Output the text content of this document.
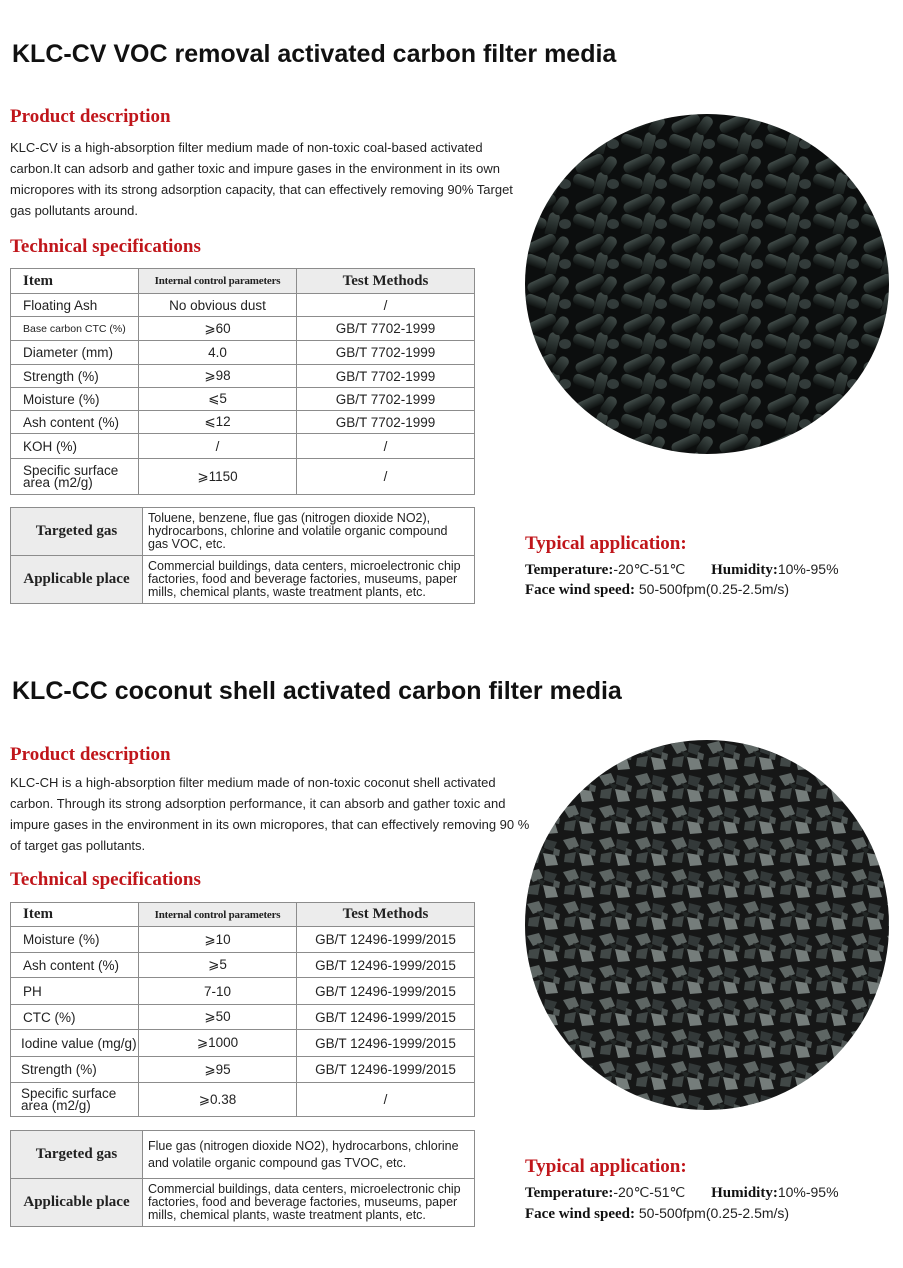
KLC-CV VOC removal activated carbon filter media
Product description
KLC-CV is a high-absorption filter medium made of non-toxic coal-based activated carbon.It can adsorb and gather toxic and impure gases in the environment in its own micropores with its strong adsorption capacity, that can effectively removing 90% Target gas pollutants around.
Technical specifications
Item	Internal control parameters	Test Methods
Floating Ash	No obvious dust	/
Base carbon CTC (%)	⩾60	GB/T 7702-1999
Diameter (mm)	4.0	GB/T 7702-1999
Strength (%)	⩾98	GB/T 7702-1999
Moisture (%)	⩽5	GB/T 7702-1999
Ash content (%)	⩽12	GB/T 7702-1999
KOH (%)	/	/
Specific surface area (m2/g)	⩾1150	/
Targeted gas	Toluene, benzene, flue gas (nitrogen dioxide NO2), hydrocarbons, chlorine and volatile organic compound gas VOC, etc.
Applicable place	Commercial buildings, data centers, microelectronic chip factories, food and beverage factories, museums, paper mills, chemical plants, waste treatment plants, etc.
Typical application:
Temperature:-20℃-51℃ Humidity:10%-95%
Face wind speed: 50-500fpm(0.25-2.5m/s)
KLC-CC coconut shell activated carbon filter media
Product description
KLC-CH is a high-absorption filter medium made of non-toxic coconut shell activated carbon. Through its strong adsorption performance, it can absorb and gather toxic and impure gases in the environment in its own micropores, that can effectively removing 90 % of target gas pollutants.
Technical specifications
Item	Internal control parameters	Test Methods
Moisture (%)	⩾10	GB/T 12496-1999/2015
Ash content (%)	⩾5	GB/T 12496-1999/2015
PH	7-10	GB/T 12496-1999/2015
CTC (%)	⩾50	GB/T 12496-1999/2015
Iodine value (mg/g)	⩾1000	GB/T 12496-1999/2015
Strength (%)	⩾95	GB/T 12496-1999/2015
Specific surface area (m2/g)	⩾0.38	/
Targeted gas	Flue gas (nitrogen dioxide NO2), hydrocarbons, chlorine and volatile organic compound gas TVOC, etc.
Applicable place	Commercial buildings, data centers, microelectronic chip factories, food and beverage factories, museums, paper mills, chemical plants, waste treatment plants, etc.
Typical application:
Temperature:-20℃-51℃ Humidity:10%-95%
Face wind speed: 50-500fpm(0.25-2.5m/s)
